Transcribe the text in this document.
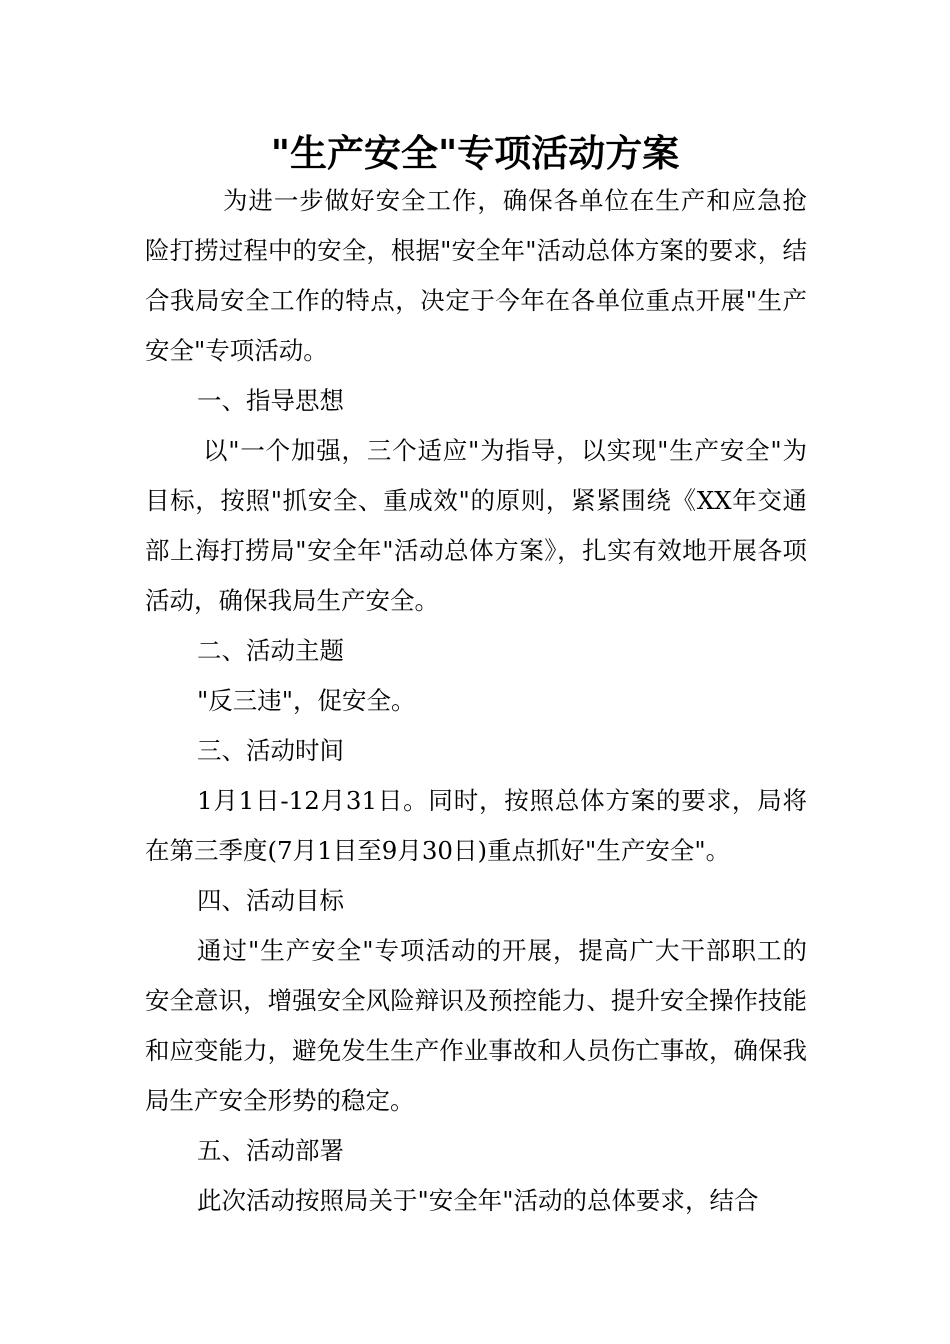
"生产安全"专项活动方案

为进一步做好安全工作，确保各单位在生产和应急抢险打捞过程中的安全，根据"安全年"活动总体方案的要求，结合我局安全工作的特点，决定于今年在各单位重点开展"生产安全"专项活动。

一、指导思想

以"一个加强，三个适应"为指导，以实现"生产安全"为目标，按照"抓安全、重成效"的原则，紧紧围绕《XX年交通部上海打捞局"安全年"活动总体方案》，扎实有效地开展各项活动，确保我局生产安全。

二、活动主题

"反三违"，促安全。

三、活动时间

1月1日-12月31日。同时，按照总体方案的要求，局将在第三季度(7月1目至9月30日)重点抓好"生产安全"。

四、活动目标

通过"生产安全"专项活动的开展，提高广大干部职工的安全意识，增强安全风险辩识及预控能力、提升安全操作技能和应变能力，避免发生生产作业事故和人员伤亡事故，确保我局生产安全形势的稳定。

五、活动部署

此次活动按照局关于"安全年"活动的总体要求，结合
